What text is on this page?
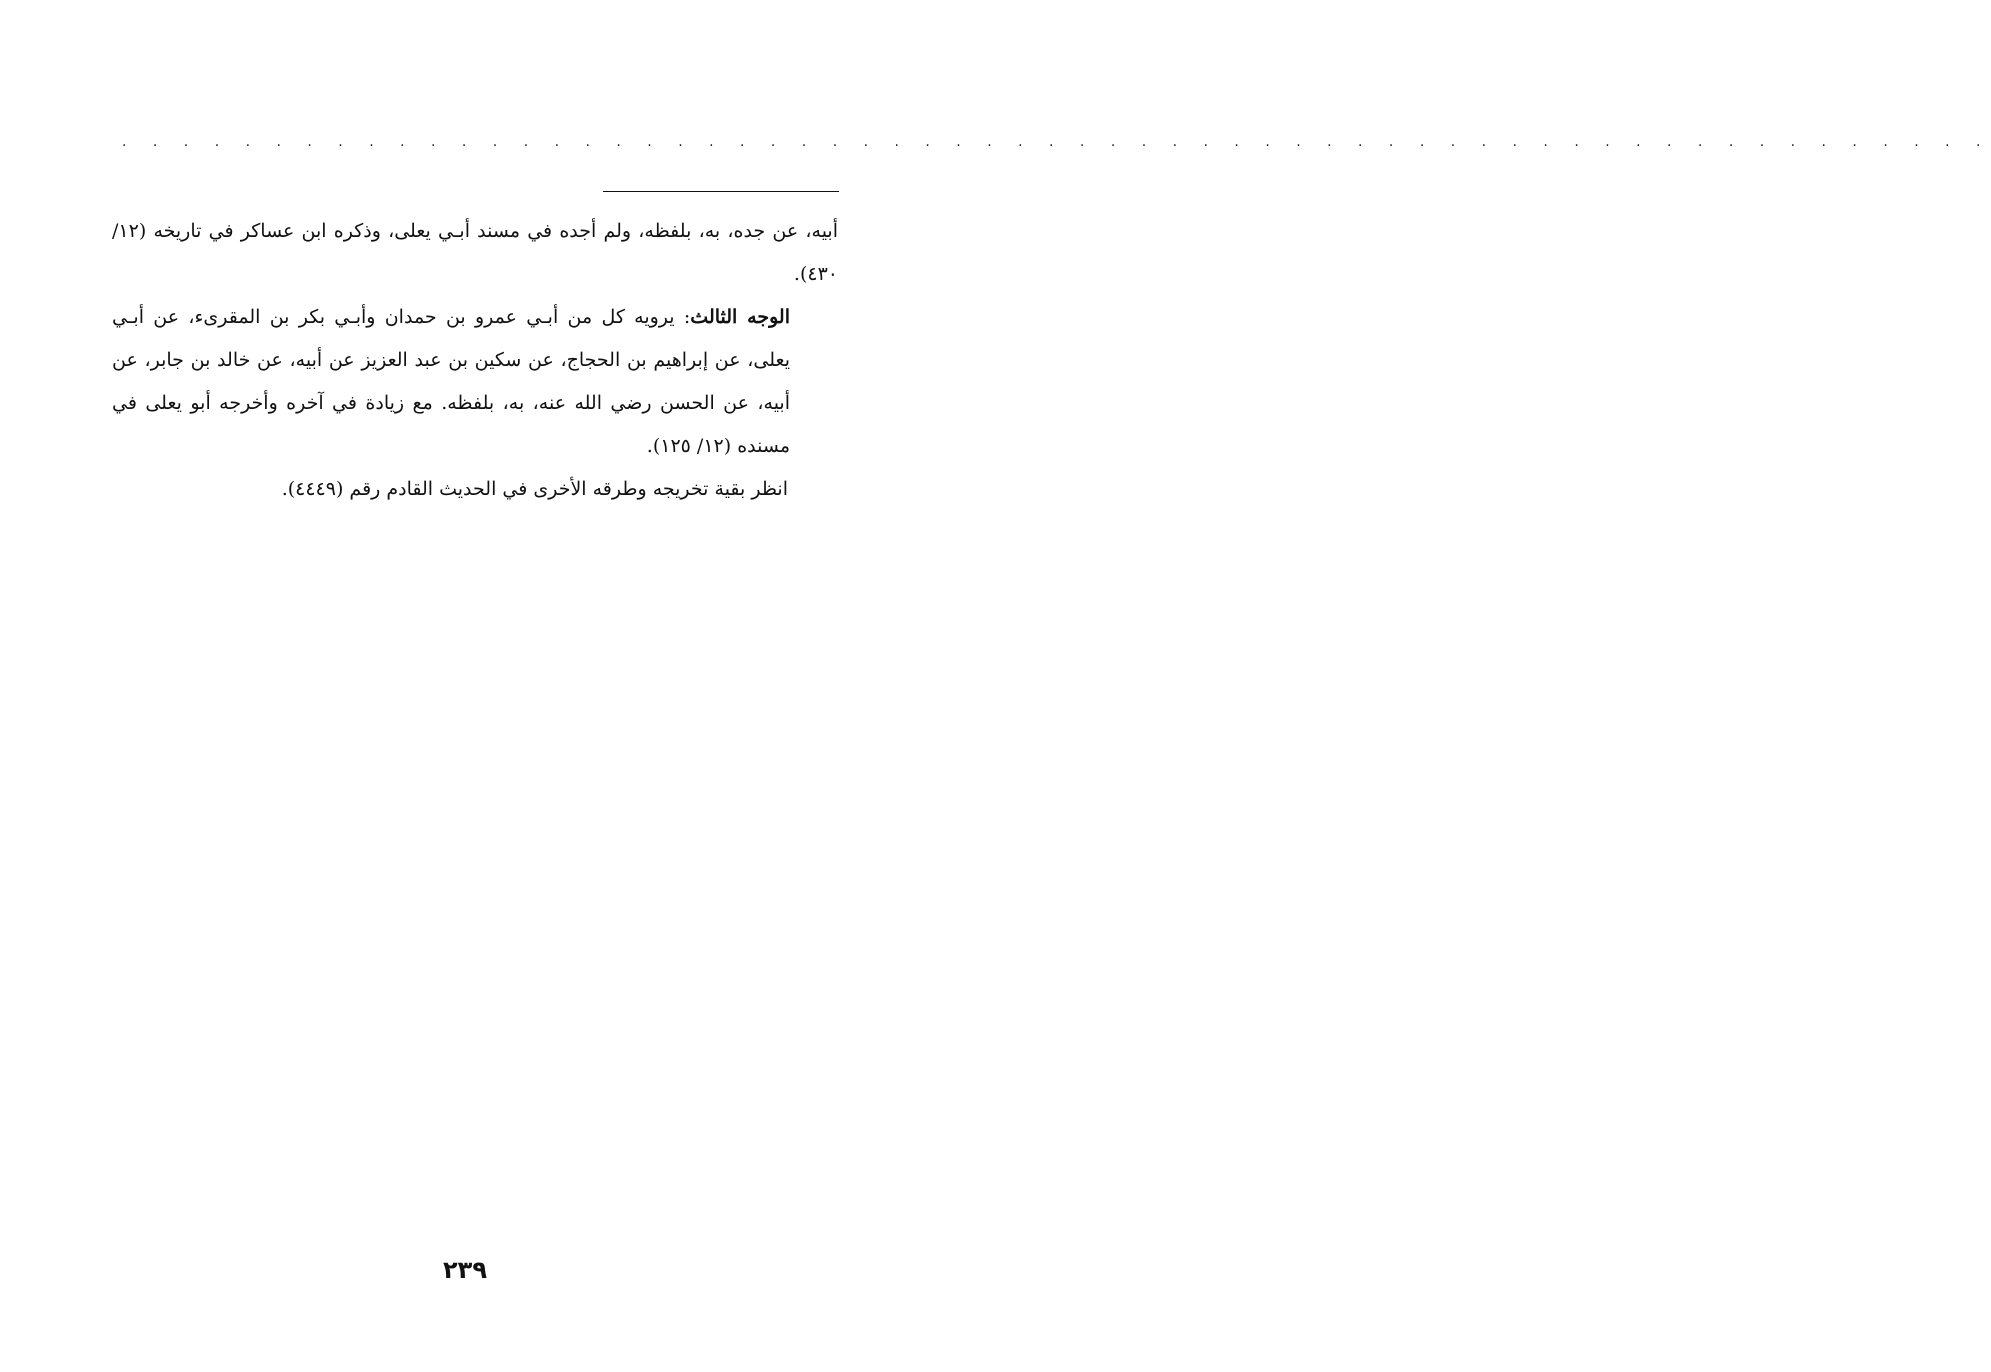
. . . . . . . . . . . . . . . . . . . . . . . . . . . . . . . . . . . . . . . . . . . . . . . . . . . . . . . . . . . . .

أبيه، عن جده، به، بلفظه، ولم أجده في مسند أبـي يعلى، وذكره ابن عساكر في تاريخه (١٢/ ٤٣٠).

الوجه الثالث: يرويه كل من أبـي عمرو بن حمدان وأبـي بكر بن المقرىء، عن أبـي يعلى، عن إبراهيم بن الحجاج، عن سكين بن عبد العزيز عن أبيه، عن خالد بن جابر، عن أبيه، عن الحسن رضي الله عنه، به، بلفظه. مع زيادة في آخره وأخرجه أبو يعلى في مسنده (١٢/ ١٢٥).

انظر بقية تخريجه وطرقه الأخرى في الحديث القادم رقم (٤٤٤٩).

٢٣٩
